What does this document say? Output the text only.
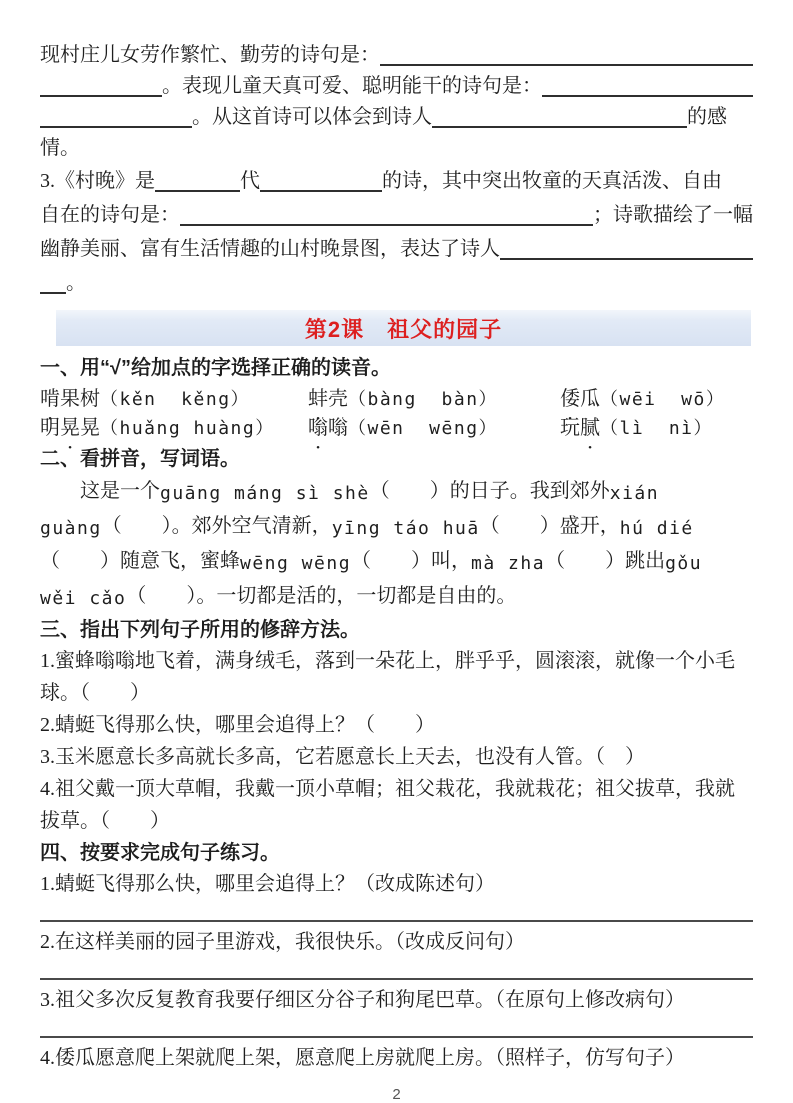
现村庄儿女劳作繁忙、勤劳的诗句是：
。表现儿童天真可爱、聪明能干的诗句是：
。从这首诗可以体会到诗人	的感
情。
3.《村晚》是	代	的诗，其中突出牧童的天真活泼、自由
自在的诗句是：	；诗歌描绘了一幅
幽静美丽、富有生活情趣的山村晚景图，表达了诗人
。
第2课　祖父的园子
一、用“√”给加点的字选择正确的读音。
啃果树（kěn  kěng）	蚌壳（bàng  bàn）	倭瓜（wēi  wō）
明晃晃（huǎng huàng）	嗡嗡（wēn  wēng）	玩腻（lì  nì）
二、看拼音，写词语。
　　这是一个 guāng máng sì shè （　　）的日子。我到郊外 xián
guàng （　　）。郊外空气清新， yīng táo huā （　　）盛开， hú dié
（　　）随意飞，蜜蜂 wēng wēng （　　）叫， mà zha （　　）跳出 gǒu
wěi cǎo （　　）。一切都是活的，一切都是自由的。
三、指出下列句子所用的修辞方法。
1.蜜蜂嗡嗡地飞着，满身绒毛，落到一朵花上，胖乎乎，圆滚滚，就像一个小毛球。（　　）
2.蜻蜓飞得那么快，哪里会追得上？（　　）
3.玉米愿意长多高就长多高，它若愿意长上天去，也没有人管。（　）
4.祖父戴一顶大草帽，我戴一顶小草帽；祖父栽花，我就栽花；祖父拔草，我就拔草。（　　）
四、按要求完成句子练习。
1.蜻蜓飞得那么快，哪里会追得上？（改成陈述句）
2.在这样美丽的园子里游戏，我很快乐。（改成反问句）
3.祖父多次反复教育我要仔细区分谷子和狗尾巴草。（在原句上修改病句）
4.倭瓜愿意爬上架就爬上架，愿意爬上房就爬上房。（照样子，仿写句子）
2
